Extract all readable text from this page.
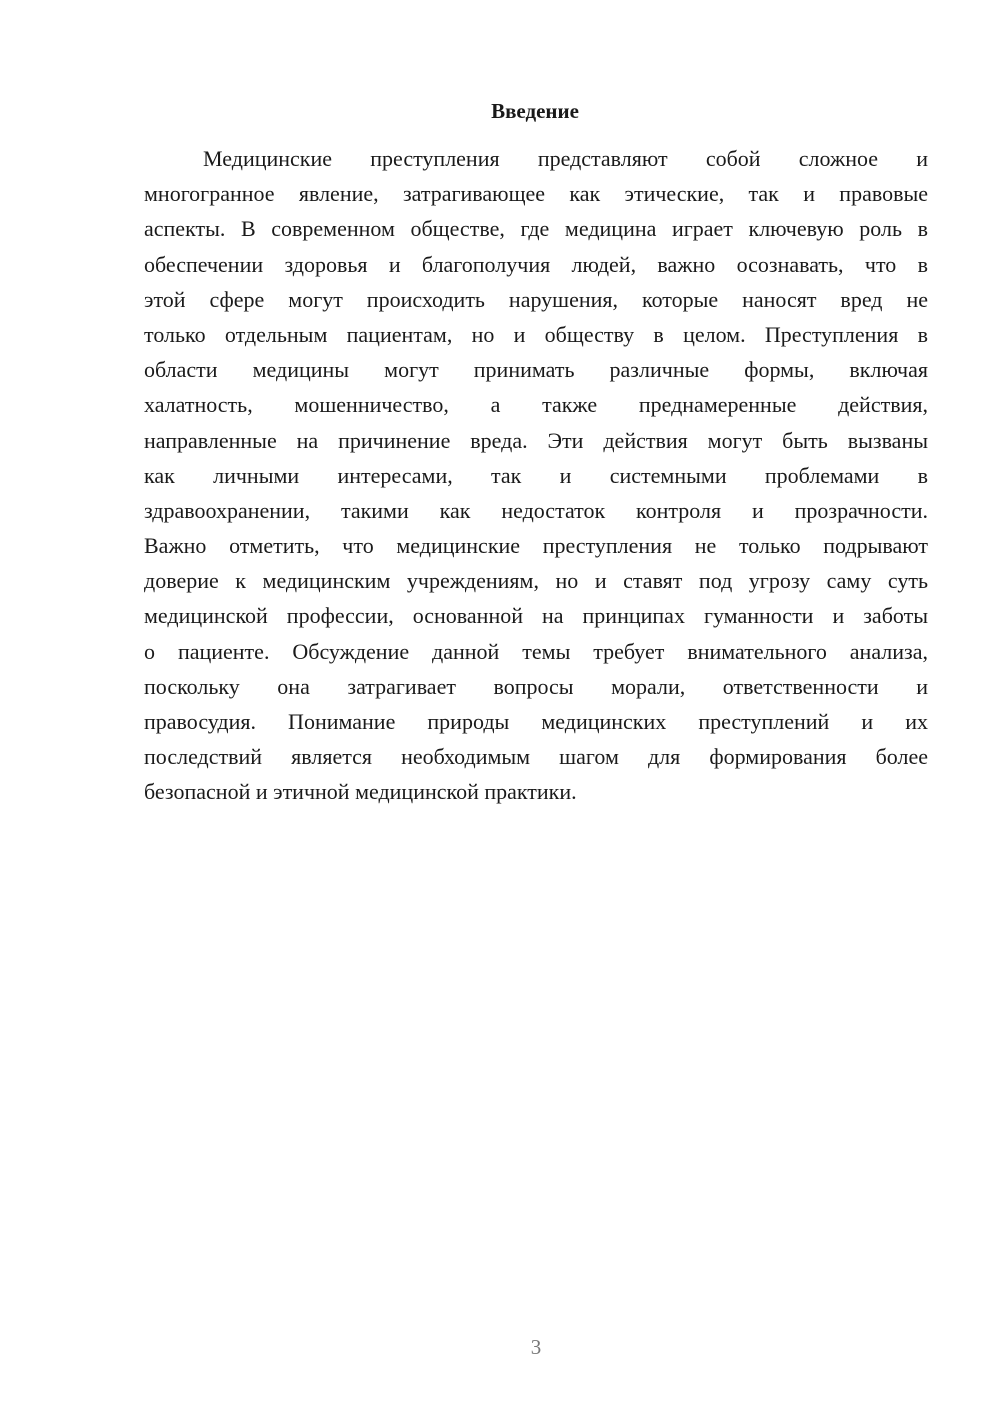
Введение
Медицинские преступления представляют собой сложное и
многогранное явление, затрагивающее как этические, так и правовые
аспекты. В современном обществе, где медицина играет ключевую роль в
обеспечении здоровья и благополучия людей, важно осознавать, что в
этой сфере могут происходить нарушения, которые наносят вред не
только отдельным пациентам, но и обществу в целом. Преступления в
области медицины могут принимать различные формы, включая
халатность, мошенничество, а также преднамеренные действия,
направленные на причинение вреда. Эти действия могут быть вызваны
как личными интересами, так и системными проблемами в
здравоохранении, такими как недостаток контроля и прозрачности.
Важно отметить, что медицинские преступления не только подрывают
доверие к медицинским учреждениям, но и ставят под угрозу саму суть
медицинской профессии, основанной на принципах гуманности и заботы
о пациенте. Обсуждение данной темы требует внимательного анализа,
поскольку она затрагивает вопросы морали, ответственности и
правосудия. Понимание природы медицинских преступлений и их
последствий является необходимым шагом для формирования более
безопасной и этичной медицинской практики.
3
